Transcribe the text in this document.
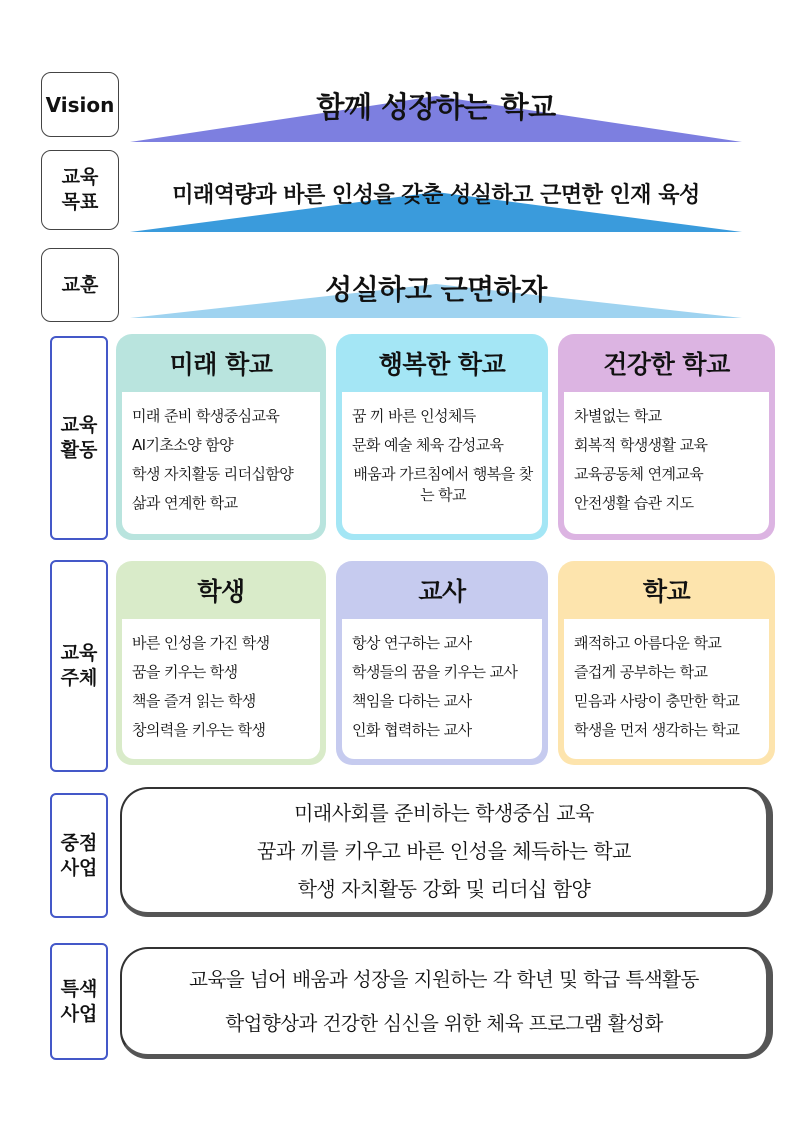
Vision
교육
목표
교훈
교육
활동
교육
주체
중점
사업
특색
사업
함께 성장하는 학교
미래역량과 바른 인성을 갖춘 성실하고 근면한 인재 육성
성실하고 근면하자
미래 학교
미래 준비 학생중심교육
AI기초소양 함양
학생 자치활동 리더십함양
삶과 연계한 학교
행복한 학교
꿈 끼 바른 인성체득
문화 예술 체육 감성교육
배움과 가르침에서 행복을 찾는 학교
건강한 학교
차별없는 학교
회복적 학생생활 교육
교육공동체 연계교육
안전생활 습관 지도
학생
바른 인성을 가진 학생
꿈을 키우는 학생
책을 즐겨 읽는 학생
창의력을 키우는 학생
교사
항상 연구하는 교사
학생들의 꿈을 키우는 교사
책임을 다하는 교사
인화 협력하는 교사
학교
쾌적하고 아름다운 학교
즐겁게 공부하는 학교
믿음과 사랑이 충만한 학교
학생을 먼저 생각하는 학교
미래사회를 준비하는 학생중심 교육
꿈과 끼를 키우고 바른 인성을 체득하는 학교
학생 자치활동 강화 및 리더십 함양
교육을 넘어 배움과 성장을 지원하는 각 학년 및 학급 특색활동
학업향상과 건강한 심신을 위한 체육 프로그램 활성화
